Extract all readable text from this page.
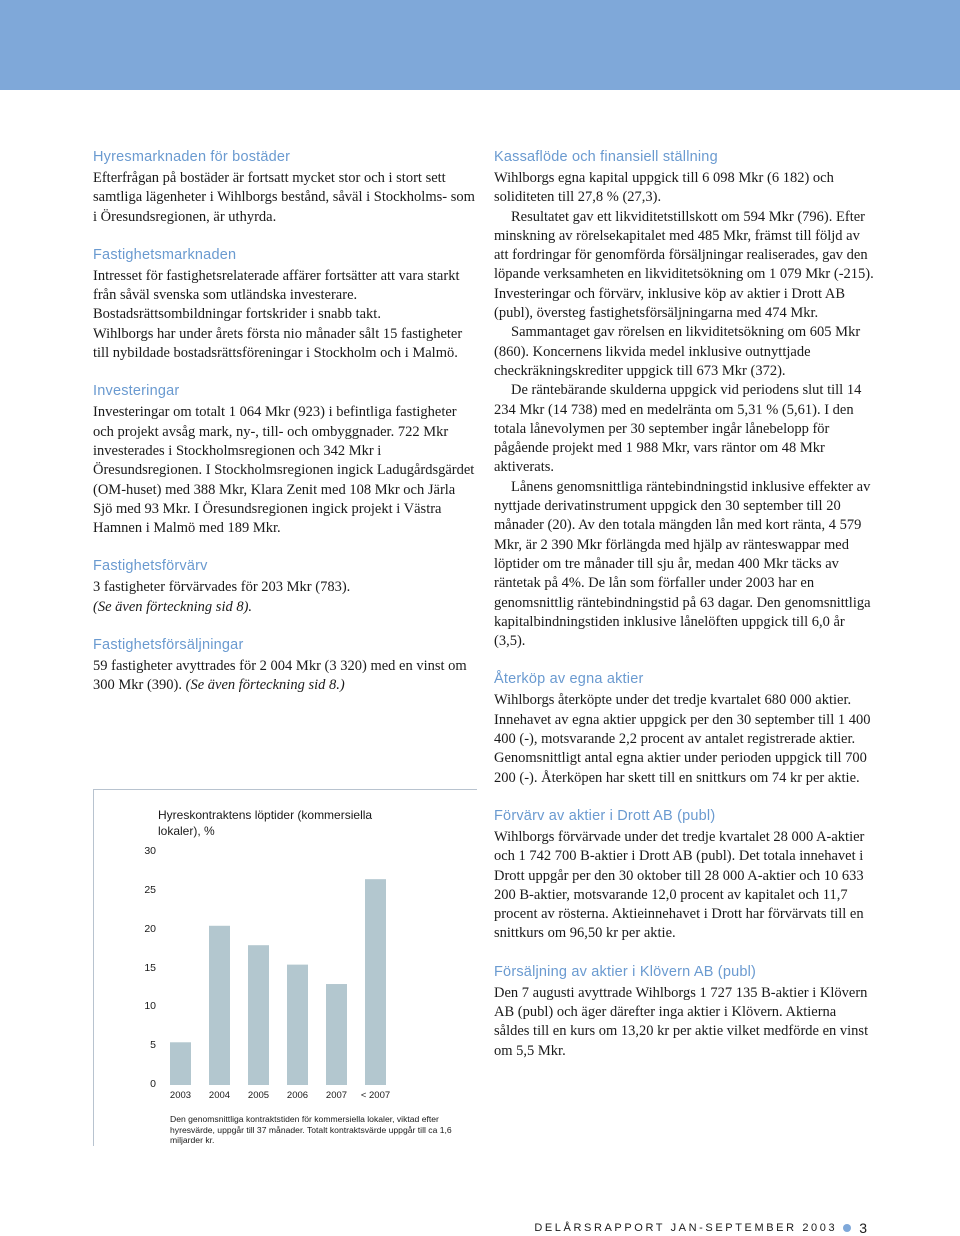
Hyresmarknaden för bostäder

Efterfrågan på bostäder är fortsatt mycket stor och i stort sett samtliga lägenheter i Wihlborgs bestånd, såväl i Stockholms- som i Öresundsregionen, är uthyrda.

Fastighetsmarknaden

Intresset för fastighetsrelaterade affärer fortsätter att vara starkt från såväl svenska som utländska investerare. Bostadsrättsombildningar fortskrider i snabb takt.

Wihlborgs har under årets första nio månader sålt 15 fastigheter till nybildade bostadsrättsföreningar i Stockholm och i Malmö.

Investeringar

Investeringar om totalt 1 064 Mkr (923) i befintliga fastigheter och projekt avsåg mark, ny-, till- och ombyggnader. 722 Mkr investerades i Stockholmsregionen och 342 Mkr i Öresundsregionen. I Stockholmsregionen ingick Ladugårdsgärdet (OM-huset) med 388 Mkr, Klara Zenit med 108 Mkr och Järla Sjö med 93 Mkr. I Öresundsregionen ingick projekt i Västra Hamnen i Malmö med 189 Mkr.

Fastighetsförvärv

3 fastigheter förvärvades för 203 Mkr (783).

(Se även förteckning sid 8).

Fastighetsförsäljningar

59 fastigheter avyttrades för 2 004 Mkr (3 320) med en vinst om 300 Mkr (390). (Se även förteckning sid 8.)

Hyreskontraktens löptider (kommersiella lokaler), %
30
25
20
15
10
5
0
2003	2004	2005	2006	2007	< 2007
Den genomsnittliga kontraktstiden för kommersiella lokaler, viktad efter hyresvärde, uppgår till 37 månader. Totalt kontraktsvärde uppgår till ca 1,6 miljarder kr.
Kassaflöde och finansiell ställning

Wihlborgs egna kapital uppgick till 6 098 Mkr (6 182) och soliditeten till 27,8 % (27,3).

Resultatet gav ett likviditetstillskott om 594 Mkr (796). Efter minskning av rörelsekapitalet med 485 Mkr, främst till följd av att fordringar för genomförda försäljningar realiserades, gav den löpande verksamheten en likviditetsökning om 1 079 Mkr (-215). Investeringar och förvärv, inklusive köp av aktier i Drott AB (publ), översteg fastighetsförsäljningarna med 474 Mkr.

Sammantaget gav rörelsen en likviditetsökning om 605 Mkr (860). Koncernens likvida medel inklusive outnyttjade checkräkningskrediter uppgick till 673 Mkr (372).

De räntebärande skulderna uppgick vid periodens slut till 14 234 Mkr (14 738) med en medelränta om 5,31 % (5,61). I den totala lånevolymen per 30 september ingår lånebelopp för pågående projekt med 1 988 Mkr, vars räntor om 48 Mkr aktiverats.

Lånens genomsnittliga räntebindningstid inklusive effekter av nyttjade derivatinstrument uppgick den 30 september till 20 månader (20). Av den totala mängden lån med kort ränta, 4 579 Mkr, är 2 390 Mkr förlängda med hjälp av ränteswappar med löptider om tre månader till sju år, medan 400 Mkr täcks av räntetak på 4%. De lån som förfaller under 2003 har en genomsnittlig räntebindningstid på 63 dagar. Den genomsnittliga kapitalbindningstiden inklusive lånelöften uppgick till 6,0 år (3,5).

Återköp av egna aktier

Wihlborgs återköpte under det tredje kvartalet 680 000 aktier. Innehavet av egna aktier uppgick per den 30 september till 1 400 400 (-), motsvarande 2,2 procent av antalet registrerade aktier. Genomsnittligt antal egna aktier under perioden uppgick till 700 200 (-). Återköpen har skett till en snittkurs om 74 kr per aktie.

Förvärv av aktier i Drott AB (publ)

Wihlborgs förvärvade under det tredje kvartalet 28 000 A-aktier och 1 742 700 B-aktier i Drott AB (publ). Det totala innehavet i Drott uppgår per den 30 oktober till 28 000 A-aktier och 10 633 200 B-aktier, motsvarande 12,0 procent av kapitalet och 11,7 procent av rösterna. Aktieinnehavet i Drott har förvärvats till en snittkurs om 96,50 kr per aktie.

Försäljning av aktier i Klövern AB (publ)

Den 7 augusti avyttrade Wihlborgs 1 727 135 B-aktier i Klövern AB (publ) och äger därefter inga aktier i Klövern. Aktierna såldes till en kurs om 13,20 kr per aktie vilket medförde en vinst om 5,5 Mkr.

DELÅRSRAPPORT JAN-SEPTEMBER 2003 3
